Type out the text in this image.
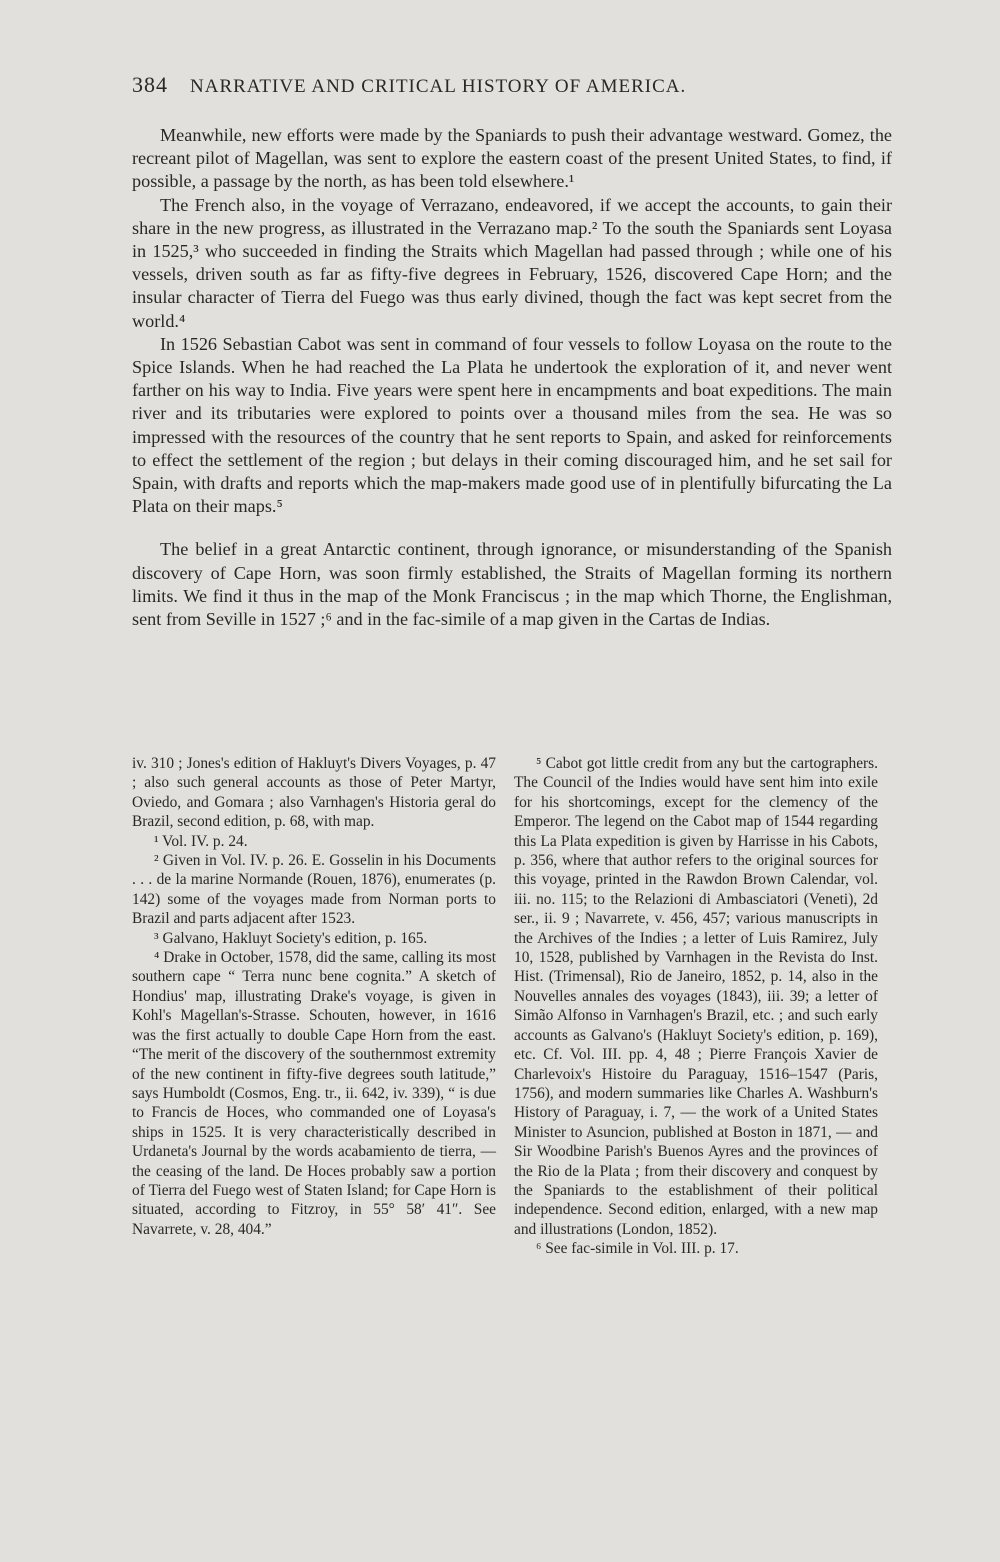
384 NARRATIVE AND CRITICAL HISTORY OF AMERICA.

Meanwhile, new efforts were made by the Spaniards to push their advantage westward. Gomez, the recreant pilot of Magellan, was sent to explore the eastern coast of the present United States, to find, if possible, a passage by the north, as has been told elsewhere.¹

The French also, in the voyage of Verrazano, endeavored, if we accept the accounts, to gain their share in the new progress, as illustrated in the Verrazano map.² To the south the Spaniards sent Loyasa in 1525,³ who succeeded in finding the Straits which Magellan had passed through ; while one of his vessels, driven south as far as fifty-five degrees in February, 1526, discovered Cape Horn; and the insular character of Tierra del Fuego was thus early divined, though the fact was kept secret from the world.⁴

In 1526 Sebastian Cabot was sent in command of four vessels to follow Loyasa on the route to the Spice Islands. When he had reached the La Plata he undertook the exploration of it, and never went farther on his way to India. Five years were spent here in encampments and boat expeditions. The main river and its tributaries were explored to points over a thousand miles from the sea. He was so impressed with the resources of the country that he sent reports to Spain, and asked for reinforcements to effect the settlement of the region ; but delays in their coming discouraged him, and he set sail for Spain, with drafts and reports which the map-makers made good use of in plentifully bifurcating the La Plata on their maps.⁵

The belief in a great Antarctic continent, through ignorance, or misunderstanding of the Spanish discovery of Cape Horn, was soon firmly established, the Straits of Magellan forming its northern limits. We find it thus in the map of the Monk Franciscus ; in the map which Thorne, the Englishman, sent from Seville in 1527 ;⁶ and in the fac-simile of a map given in the Cartas de Indias.

iv. 310 ; Jones's edition of Hakluyt's Divers Voyages, p. 47 ; also such general accounts as those of Peter Martyr, Oviedo, and Gomara ; also Varnhagen's Historia geral do Brazil, second edition, p. 68, with map.

¹ Vol. IV. p. 24.

² Given in Vol. IV. p. 26. E. Gosselin in his Documents . . . de la marine Normande (Rouen, 1876), enumerates (p. 142) some of the voyages made from Norman ports to Brazil and parts adjacent after 1523.

³ Galvano, Hakluyt Society's edition, p. 165.

⁴ Drake in October, 1578, did the same, calling its most southern cape “ Terra nunc bene cognita.” A sketch of Hondius' map, illustrating Drake's voyage, is given in Kohl's Magellan's-Strasse. Schouten, however, in 1616 was the first actually to double Cape Horn from the east. “The merit of the discovery of the southernmost extremity of the new continent in fifty-five degrees south latitude,” says Humboldt (Cosmos, Eng. tr., ii. 642, iv. 339), “ is due to Francis de Hoces, who commanded one of Loyasa's ships in 1525. It is very characteristically described in Urdaneta's Journal by the words acabamiento de tierra, — the ceasing of the land. De Hoces probably saw a portion of Tierra del Fuego west of Staten Island; for Cape Horn is situated, according to Fitzroy, in 55° 58′ 41″. See Navarrete, v. 28, 404.”

⁵ Cabot got little credit from any but the cartographers. The Council of the Indies would have sent him into exile for his shortcomings, except for the clemency of the Emperor. The legend on the Cabot map of 1544 regarding this La Plata expedition is given by Harrisse in his Cabots, p. 356, where that author refers to the original sources for this voyage, printed in the Rawdon Brown Calendar, vol. iii. no. 115; to the Relazioni di Ambasciatori (Veneti), 2d ser., ii. 9 ; Navarrete, v. 456, 457; various manuscripts in the Archives of the Indies ; a letter of Luis Ramirez, July 10, 1528, published by Varnhagen in the Revista do Inst. Hist. (Trimensal), Rio de Janeiro, 1852, p. 14, also in the Nouvelles annales des voyages (1843), iii. 39; a letter of Simão Alfonso in Varnhagen's Brazil, etc. ; and such early accounts as Galvano's (Hakluyt Society's edition, p. 169), etc. Cf. Vol. III. pp. 4, 48 ; Pierre François Xavier de Charlevoix's Histoire du Paraguay, 1516–1547 (Paris, 1756), and modern summaries like Charles A. Washburn's History of Paraguay, i. 7, — the work of a United States Minister to Asuncion, published at Boston in 1871, — and Sir Woodbine Parish's Buenos Ayres and the provinces of the Rio de la Plata ; from their discovery and conquest by the Spaniards to the establishment of their political independence. Second edition, enlarged, with a new map and illustrations (London, 1852).

⁶ See fac-simile in Vol. III. p. 17.
